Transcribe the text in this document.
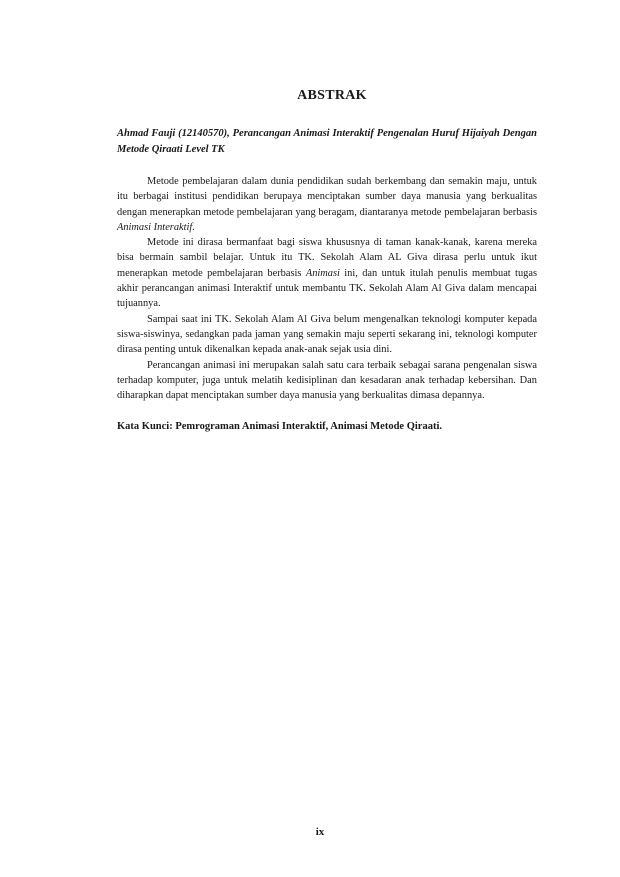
ABSTRAK

Ahmad Fauji (12140570), Perancangan Animasi Interaktif Pengenalan Huruf Hijaiyah Dengan Metode Qiraati Level TK

Metode pembelajaran dalam dunia pendidikan sudah berkembang dan semakin maju, untuk itu berbagai institusi pendidikan berupaya menciptakan sumber daya manusia yang berkualitas dengan menerapkan metode pembelajaran yang beragam, diantaranya metode pembelajaran berbasis Animasi Interaktif.

Metode ini dirasa bermanfaat bagi siswa khususnya di taman kanak-kanak, karena mereka bisa bermain sambil belajar. Untuk itu TK. Sekolah Alam AL Giva dirasa perlu untuk ikut menerapkan metode pembelajaran berbasis Animasi ini, dan untuk itulah penulis membuat tugas akhir perancangan animasi Interaktif untuk membantu TK. Sekolah Alam Al Giva dalam mencapai tujuannya.

Sampai saat ini TK. Sekolah Alam Al Giva belum mengenalkan teknologi komputer kepada siswa-siswinya, sedangkan pada jaman yang semakin maju seperti sekarang ini, teknologi komputer dirasa penting untuk dikenalkan kepada anak-anak sejak usia dini.

Perancangan animasi ini merupakan salah satu cara terbaik sebagai sarana pengenalan siswa terhadap komputer, juga untuk melatih kedisiplinan dan kesadaran anak terhadap kebersihan. Dan diharapkan dapat menciptakan sumber daya manusia yang berkualitas dimasa depannya.

Kata Kunci: Pemrograman Animasi Interaktif, Animasi Metode Qiraati.

ix
